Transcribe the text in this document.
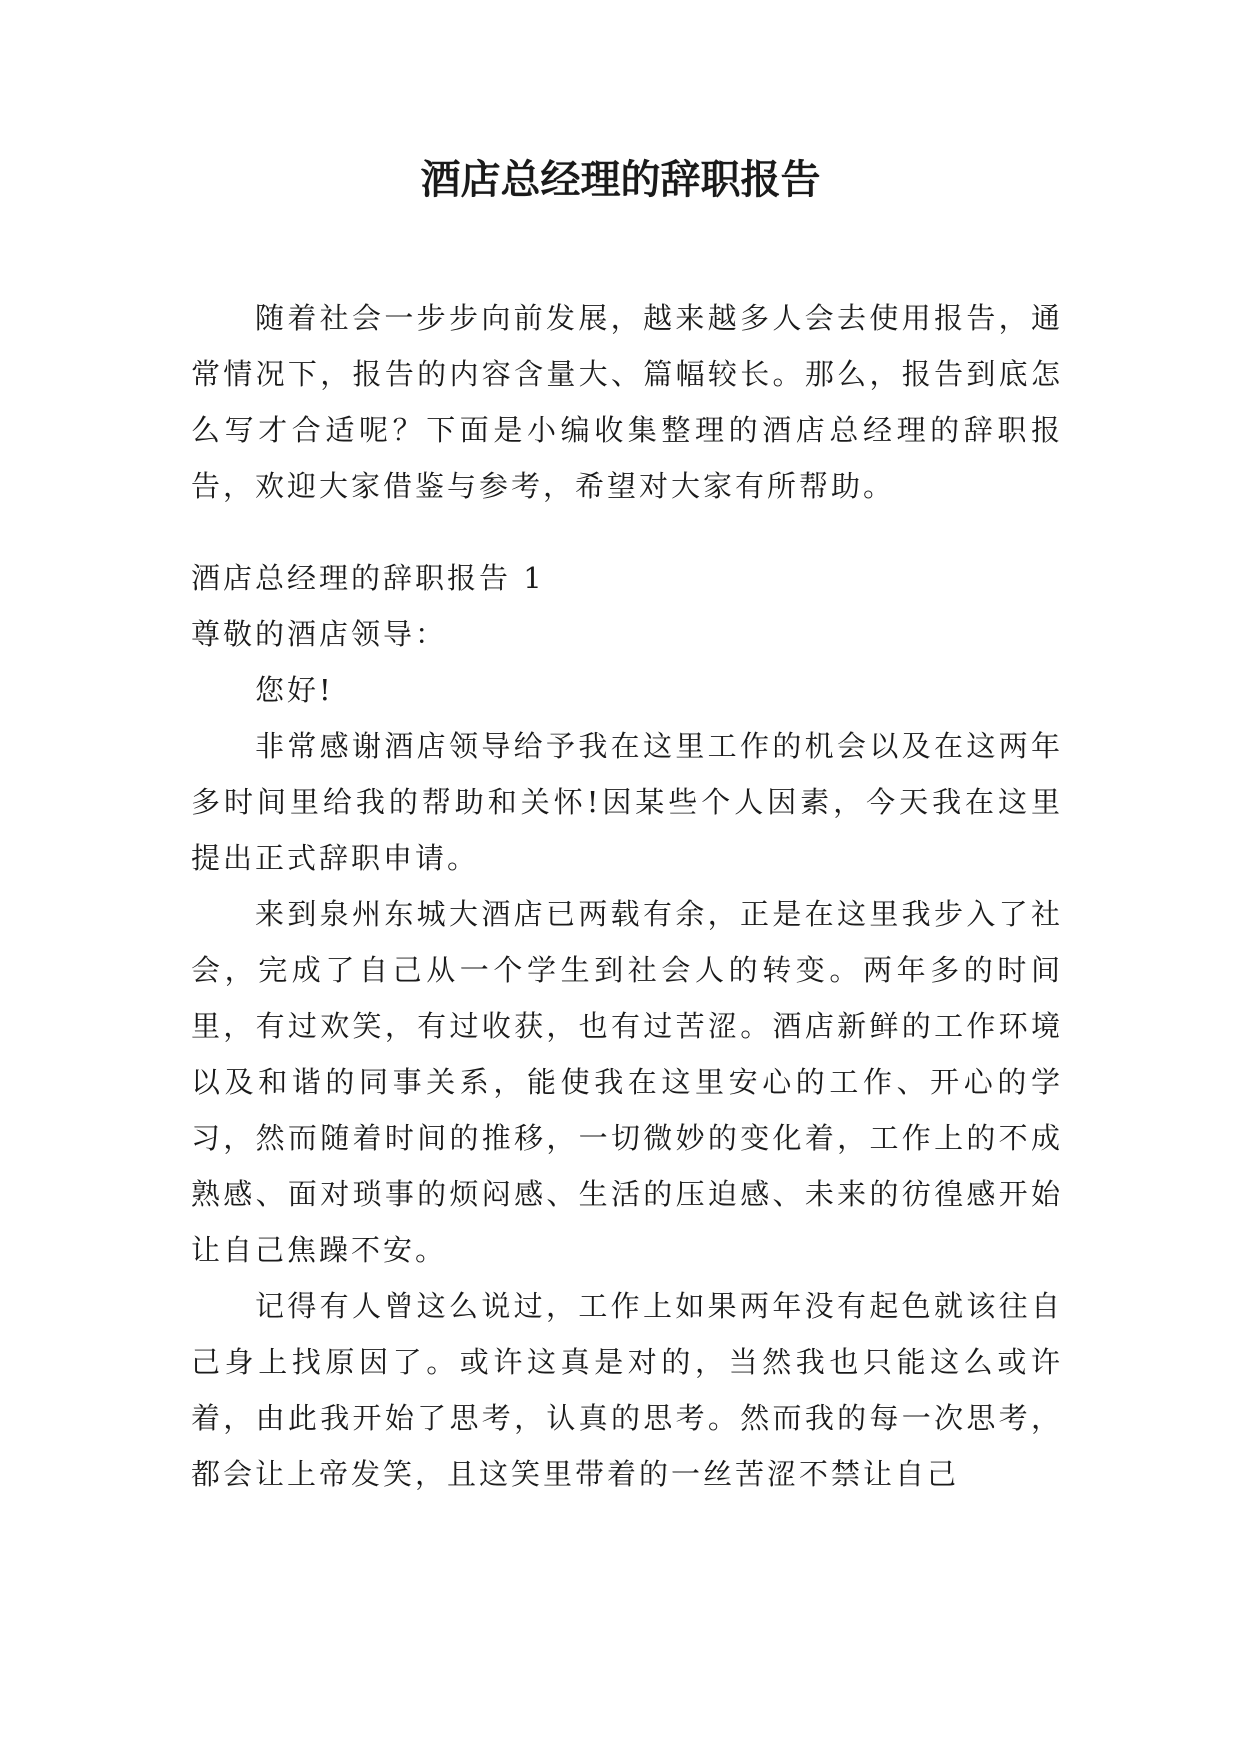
酒店总经理的辞职报告

随着社会一步步向前发展，越来越多人会去使用报告，通常情况下，报告的内容含量大、篇幅较长。那么，报告到底怎么写才合适呢？下面是小编收集整理的酒店总经理的辞职报告，欢迎大家借鉴与参考，希望对大家有所帮助。

酒店总经理的辞职报告 1

尊敬的酒店领导：

您好!

非常感谢酒店领导给予我在这里工作的机会以及在这两年多时间里给我的帮助和关怀!因某些个人因素，今天我在这里提出正式辞职申请。

来到泉州东城大酒店已两载有余，正是在这里我步入了社会，完成了自己从一个学生到社会人的转变。两年多的时间里，有过欢笑，有过收获，也有过苦涩。酒店新鲜的工作环境以及和谐的同事关系，能使我在这里安心的工作、开心的学习，然而随着时间的推移，一切微妙的变化着，工作上的不成熟感、面对琐事的烦闷感、生活的压迫感、未来的彷徨感开始让自己焦躁不安。

记得有人曾这么说过，工作上如果两年没有起色就该往自己身上找原因了。或许这真是对的，当然我也只能这么或许着，由此我开始了思考，认真的思考。然而我的每一次思考，都会让上帝发笑，且这笑里带着的一丝苦涩不禁让自己
